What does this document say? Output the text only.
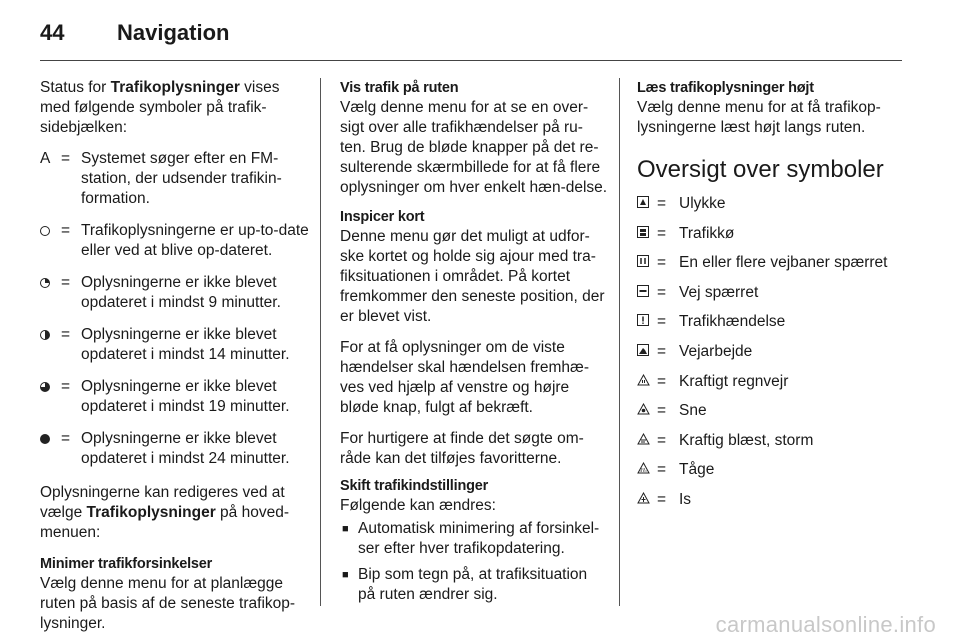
44 Navigation

Status for Trafikoplysninger vises med følgende symboler på trafik-sidebjælken:

A = Systemet søger efter en FM-station, der udsender trafikin-formation.
= Trafikoplysningerne er up-to-date eller ved at blive op-dateret.
= Oplysningerne er ikke blevet opdateret i mindst 9 minutter.
= Oplysningerne er ikke blevet opdateret i mindst 14 minutter.
= Oplysningerne er ikke blevet opdateret i mindst 19 minutter.
= Oplysningerne er ikke blevet opdateret i mindst 24 minutter.

Oplysningerne kan redigeres ved at vælge Trafikoplysninger på hoved-menuen:

Minimer trafikforsinkelser
Vælg denne menu for at planlægge ruten på basis af de seneste trafikop-lysninger.
Vis trafik på ruten
Vælg denne menu for at se en over-sigt over alle trafikhændelser på ru-ten. Brug de bløde knapper på det re-sulterende skærmbillede for at få flere oplysninger om hver enkelt hæn-delse.
Inspicer kort

Denne menu gør det muligt at udfor-ske kortet og holde sig ajour med tra-fiksituationen i området. På kortet fremkommer den seneste position, der er blevet vist.

For at få oplysninger om de viste hændelser skal hændelsen fremhæ-ves ved hjælp af venstre og højre bløde knap, fulgt af bekræft.

For hurtigere at finde det søgte om-råde kan det tilføjes favoritterne.

Skift trafikindstillinger
Følgende kan ændres:
■ Automatisk minimering af forsinkel-ser efter hver trafikopdatering.
■ Bip som tegn på, at trafiksituation på ruten ændrer sig.
Læs trafikoplysninger højt
Vælg denne menu for at få trafikop-lysningerne læst højt langs ruten.
Oversigt over symboler
= Ulykke
= Trafikkø
= En eller flere vejbaner spærret
= Vej spærret
= Trafikhændelse
= Vejarbejde
= Kraftigt regnvejr
= Sne
= Kraftig blæst, storm
= Tåge
= Is
carmanualsonline.info
